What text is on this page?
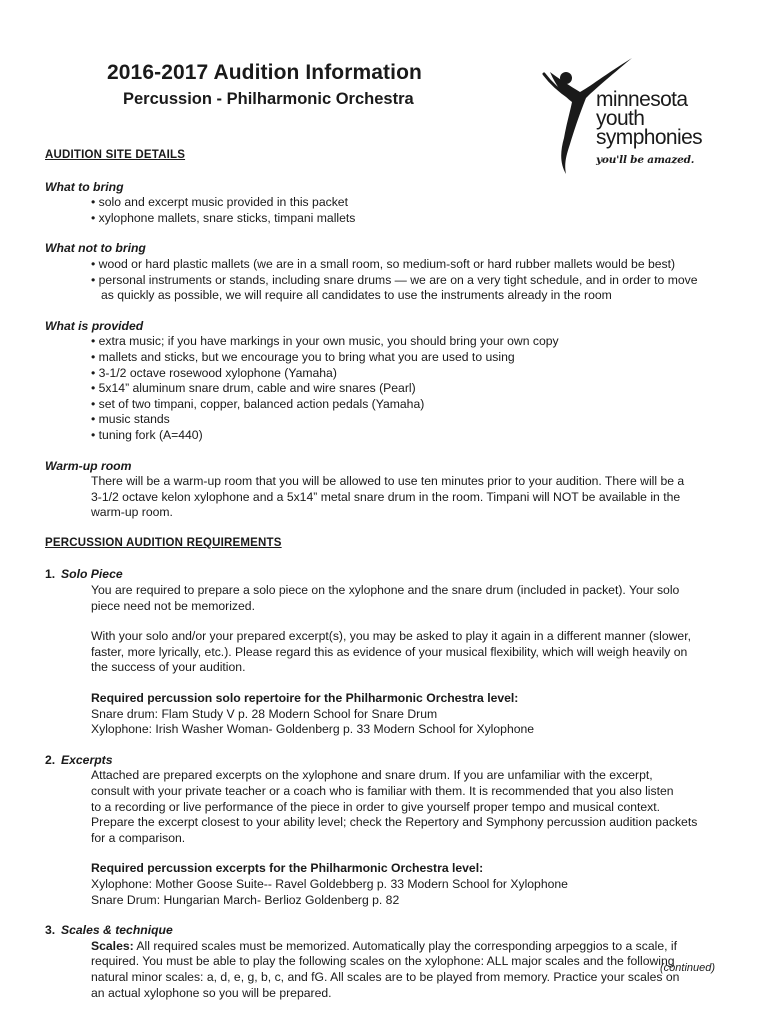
2016-2017 Audition Information
Percussion - Philharmonic Orchestra	minnesota
youth
symphonies
you'll be amazed.
AUDITION SITE DETAILS
What to bring
• solo and excerpt music provided in this packet
• xylophone mallets, snare sticks, timpani mallets
What not to bring
• wood or hard plastic mallets (we are in a small room, so medium-soft or hard rubber mallets would be best)
• personal instruments or stands, including snare drums — we are on a very tight schedule, and in order to move
as quickly as possible, we will require all candidates to use the instruments already in the room
What is provided
• extra music; if you have markings in your own music, you should bring your own copy
• mallets and sticks, but we encourage you to bring what you are used to using
• 3-1/2 octave rosewood xylophone (Yamaha)
• 5x14” aluminum snare drum, cable and wire snares (Pearl)
• set of two timpani, copper, balanced action pedals (Yamaha)
• music stands
• tuning fork (A=440)
Warm-up room
There will be a warm-up room that you will be allowed to use ten minutes prior to your audition. There will be a
3-1/2 octave kelon xylophone and a 5x14” metal snare drum in the room. Timpani will NOT be available in the
warm-up room.
PERCUSSION AUDITION REQUIREMENTS
1. Solo Piece
You are required to prepare a solo piece on the xylophone and the snare drum (included in packet). Your solo
piece need not be memorized.
With your solo and/or your prepared excerpt(s), you may be asked to play it again in a different manner (slower,
faster, more lyrically, etc.). Please regard this as evidence of your musical flexibility, which will weigh heavily on
the success of your audition.
Required percussion solo repertoire for the Philharmonic Orchestra level:
Snare drum: Flam Study V p. 28 Modern School for Snare Drum
Xylophone: Irish Washer Woman- Goldenberg p. 33 Modern School for Xylophone
2. Excerpts
Attached are prepared excerpts on the xylophone and snare drum. If you are unfamiliar with the excerpt,
consult with your private teacher or a coach who is familiar with them. It is recommended that you also listen
to a recording or live performance of the piece in order to give yourself proper tempo and musical context.
Prepare the excerpt closest to your ability level; check the Repertory and Symphony percussion audition packets
for a comparison.
Required percussion excerpts for the Philharmonic Orchestra level:
Xylophone: Mother Goose Suite-- Ravel Goldebberg p. 33 Modern School for Xylophone
Snare Drum: Hungarian March- Berlioz Goldenberg p. 82
3. Scales & technique
Scales: All required scales must be memorized. Automatically play the corresponding arpeggios to a scale, if
required. You must be able to play the following scales on the xylophone: ALL major scales and the following
natural minor scales: a, d, e, g, b, c, and fG. All scales are to be played from memory. Practice your scales on
an actual xylophone so you will be prepared.
(continued)
